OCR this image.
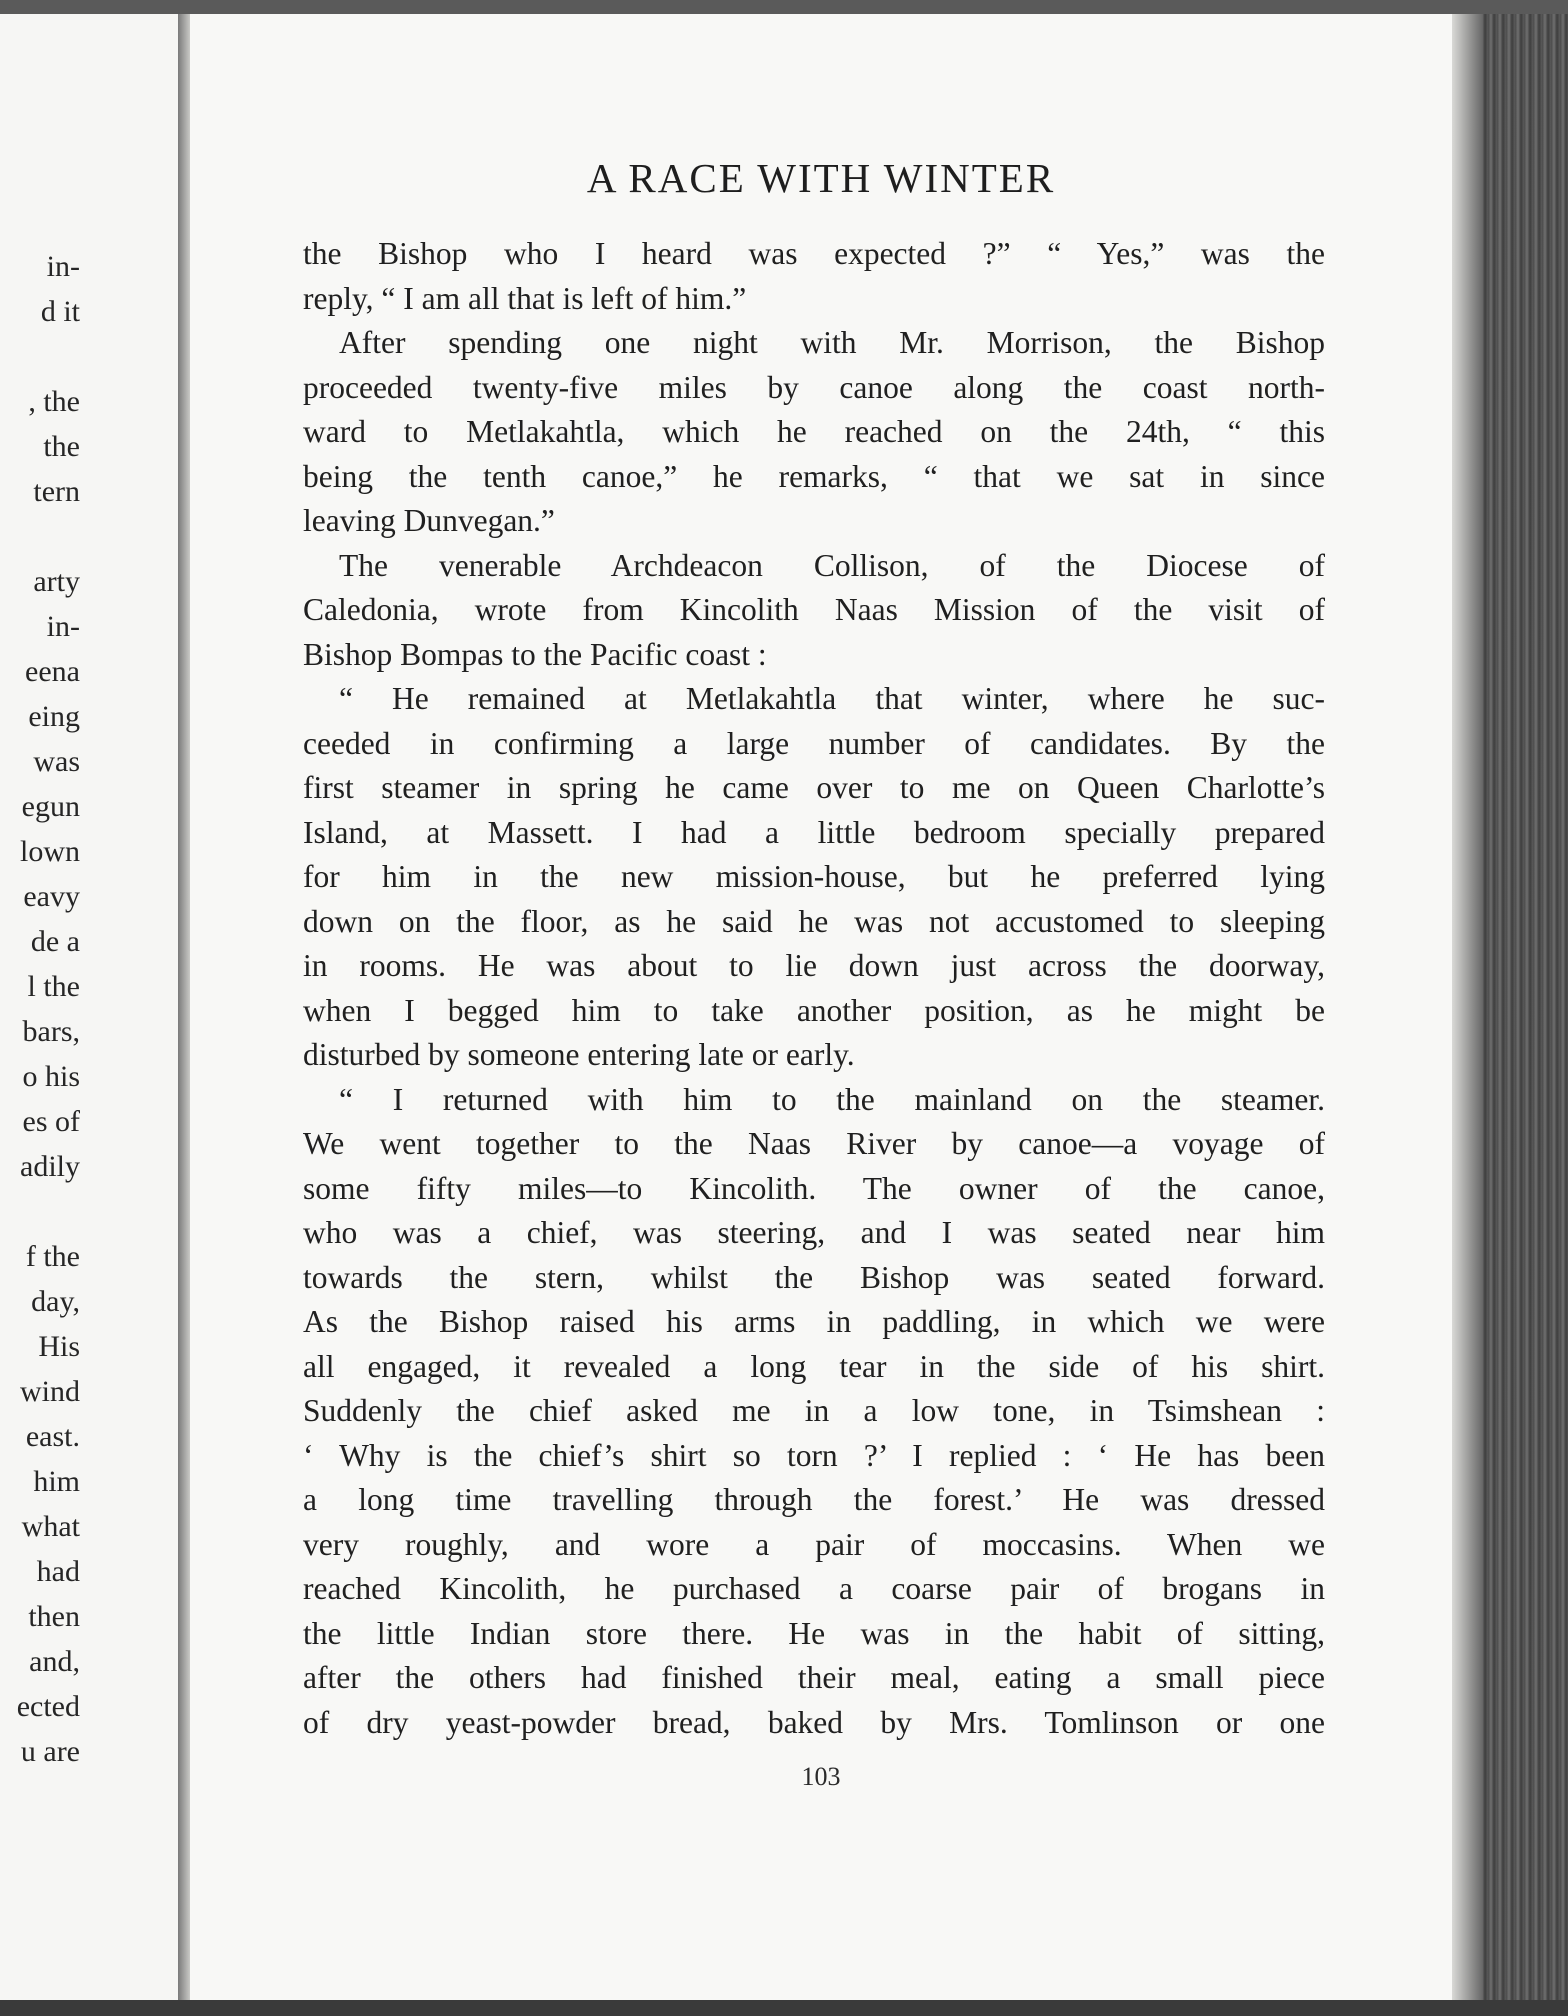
in-
d it
, the
the
tern
arty
in-
eena
eing
was
egun
lown
eavy
de a
l the
bars,
o his
es of
adily
f the
day,
His
wind
east.
him
what
had
then
and,
ected
u are
A RACE WITH WINTER
the Bishop who I heard was expected ?” “ Yes,” was the
reply, “ I am all that is left of him.”
After spending one night with Mr. Morrison, the Bishop
proceeded twenty-five miles by canoe along the coast north-
ward to Metlakahtla, which he reached on the 24th, “ this
being the tenth canoe,” he remarks, “ that we sat in since
leaving Dunvegan.”
The venerable Archdeacon Collison, of the Diocese of
Caledonia, wrote from Kincolith Naas Mission of the visit of
Bishop Bompas to the Pacific coast :
“ He remained at Metlakahtla that winter, where he suc-
ceeded in confirming a large number of candidates. By the
first steamer in spring he came over to me on Queen Charlotte’s
Island, at Massett. I had a little bedroom specially prepared
for him in the new mission-house, but he preferred lying
down on the floor, as he said he was not accustomed to sleeping
in rooms. He was about to lie down just across the doorway,
when I begged him to take another position, as he might be
disturbed by someone entering late or early.
“ I returned with him to the mainland on the steamer.
We went together to the Naas River by canoe—a voyage of
some fifty miles—to Kincolith. The owner of the canoe,
who was a chief, was steering, and I was seated near him
towards the stern, whilst the Bishop was seated forward.
As the Bishop raised his arms in paddling, in which we were
all engaged, it revealed a long tear in the side of his shirt.
Suddenly the chief asked me in a low tone, in Tsimshean :
‘ Why is the chief’s shirt so torn ?’ I replied : ‘ He has been
a long time travelling through the forest.’ He was dressed
very roughly, and wore a pair of moccasins. When we
reached Kincolith, he purchased a coarse pair of brogans in
the little Indian store there. He was in the habit of sitting,
after the others had finished their meal, eating a small piece
of dry yeast-powder bread, baked by Mrs. Tomlinson or one
103
